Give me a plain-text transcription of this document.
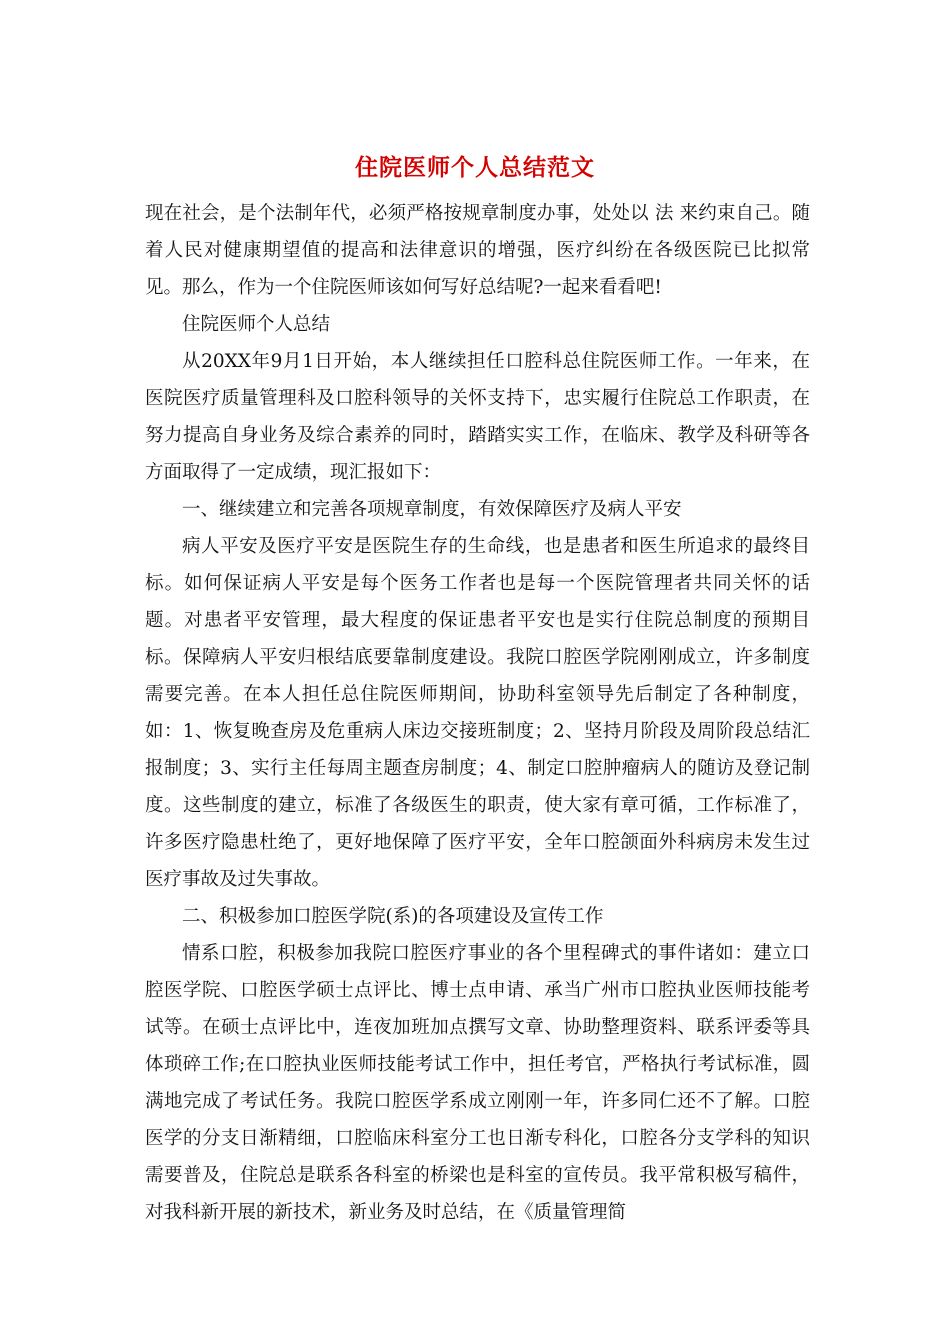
住院医师个人总结范文

现在社会，是个法制年代，必须严格按规章制度办事，处处以 法 来约束自己。随着人民对健康期望值的提高和法律意识的增强，医疗纠纷在各级医院已比拟常见。那么，作为一个住院医师该如何写好总结呢?一起来看看吧!

住院医师个人总结

从20XX年9月1日开始，本人继续担任口腔科总住院医师工作。一年来，在医院医疗质量管理科及口腔科领导的关怀支持下，忠实履行住院总工作职责，在努力提高自身业务及综合素养的同时，踏踏实实工作，在临床、教学及科研等各方面取得了一定成绩，现汇报如下：

一、继续建立和完善各项规章制度，有效保障医疗及病人平安

病人平安及医疗平安是医院生存的生命线，也是患者和医生所追求的最终目标。如何保证病人平安是每个医务工作者也是每一个医院管理者共同关怀的话题。对患者平安管理，最大程度的保证患者平安也是实行住院总制度的预期目标。保障病人平安归根结底要靠制度建设。我院口腔医学院刚刚成立，许多制度需要完善。在本人担任总住院医师期间，协助科室领导先后制定了各种制度，如：1、恢复晚查房及危重病人床边交接班制度；2、坚持月阶段及周阶段总结汇报制度；3、实行主任每周主题查房制度；4、制定口腔肿瘤病人的随访及登记制度。这些制度的建立，标准了各级医生的职责，使大家有章可循，工作标准了，许多医疗隐患杜绝了，更好地保障了医疗平安，全年口腔颌面外科病房未发生过医疗事故及过失事故。

二、积极参加口腔医学院(系)的各项建设及宣传工作

情系口腔，积极参加我院口腔医疗事业的各个里程碑式的事件诸如：建立口腔医学院、口腔医学硕士点评比、博士点申请、承当广州市口腔执业医师技能考试等。在硕士点评比中，连夜加班加点撰写文章、协助整理资料、联系评委等具体琐碎工作;在口腔执业医师技能考试工作中，担任考官，严格执行考试标准，圆满地完成了考试任务。我院口腔医学系成立刚刚一年，许多同仁还不了解。口腔医学的分支日渐精细，口腔临床科室分工也日渐专科化，口腔各分支学科的知识需要普及，住院总是联系各科室的桥梁也是科室的宣传员。我平常积极写稿件，对我科新开展的新技术，新业务及时总结，在《质量管理简
